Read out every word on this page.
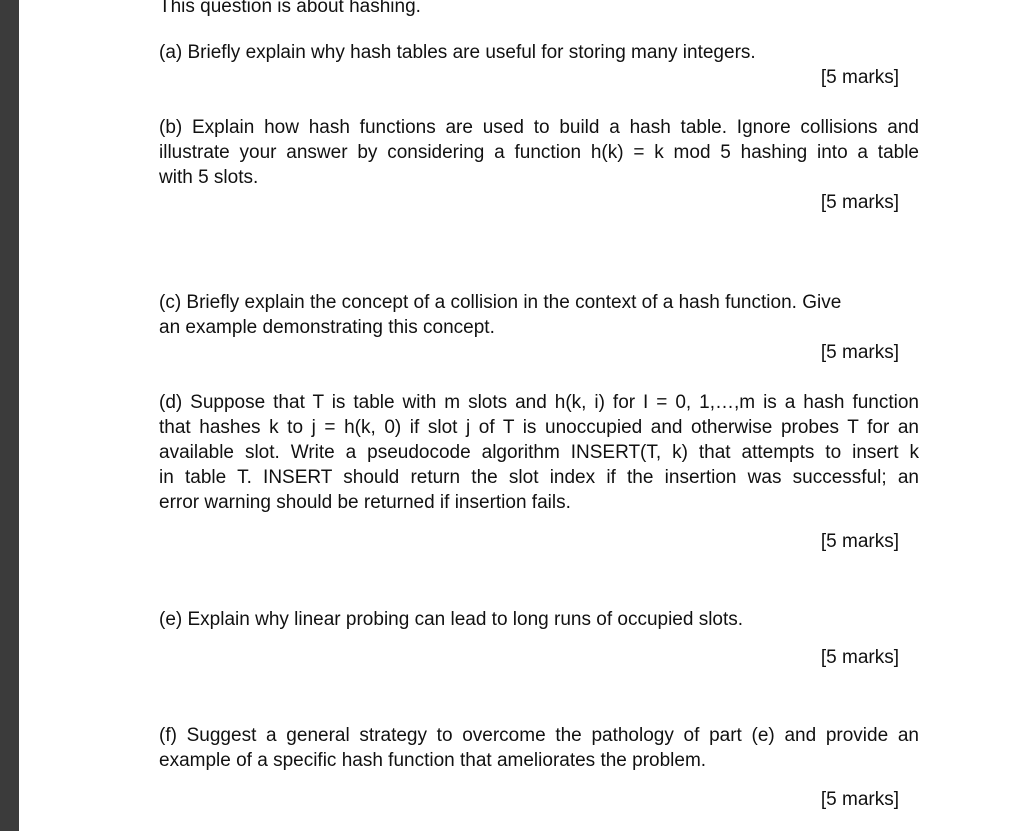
This question is about hashing.
(a) Briefly explain why hash tables are useful for storing many integers.
[5 marks]
(b) Explain how hash functions are used to build a hash table. Ignore collisions and
illustrate your answer by considering a function h(k) = k mod 5 hashing into a table
with 5 slots.
[5 marks]
(c) Briefly explain the concept of a collision in the context of a hash function. Give
an example demonstrating this concept.
[5 marks]
(d) Suppose that T is table with m slots and h(k, i) for I = 0, 1,…,m is a hash function
that hashes k to j = h(k, 0) if slot j of T is unoccupied and otherwise probes T for an
available slot. Write a pseudocode algorithm INSERT(T, k) that attempts to insert k
in table T. INSERT should return the slot index if the insertion was successful; an
error warning should be returned if insertion fails.
[5 marks]
(e) Explain why linear probing can lead to long runs of occupied slots.
[5 marks]
(f) Suggest a general strategy to overcome the pathology of part (e) and provide an
example of a specific hash function that ameliorates the problem.
[5 marks]
